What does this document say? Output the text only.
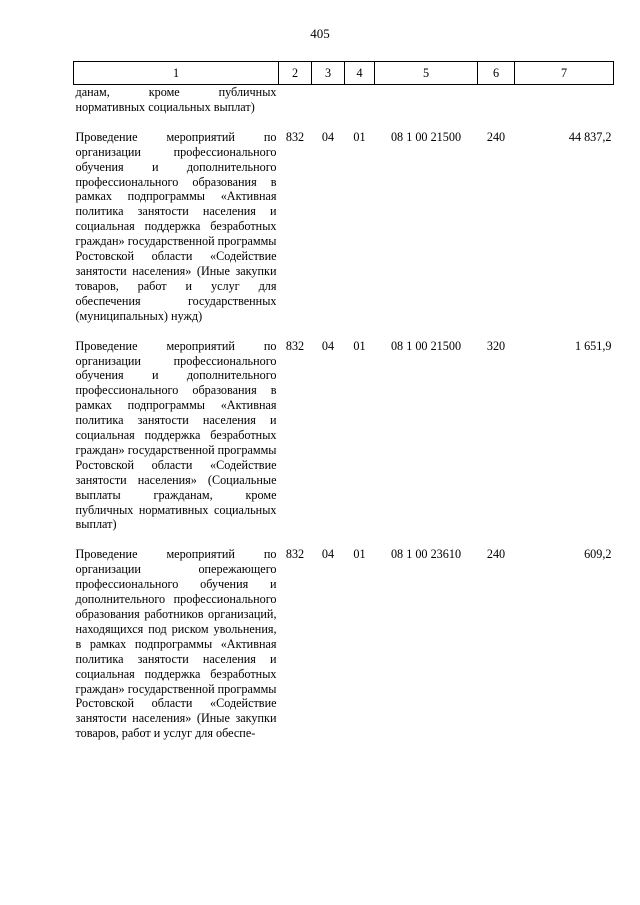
405
1	2	3	4	5	6	7
данам, кроме публичных нормативных социальных выплат)						

Проведение мероприятий по организации профессионального обучения и дополнительного профессионального образования в рамках подпрограммы «Активная политика занятости населения и социальная поддержка безработных граждан» государственной программы Ростовской области «Содействие занятости населения» (Иные закупки товаров, работ и услуг для обеспечения государственных (муниципальных) нужд)	832	04	01	08 1 00 21500	240	44 837,2

Проведение мероприятий по организации профессионального обучения и дополнительного профессионального образования в рамках подпрограммы «Активная политика занятости населения и социальная поддержка безработных граждан» государственной программы Ростовской области «Содействие занятости населения» (Социальные выплаты гражданам, кроме публичных нормативных социальных выплат)	832	04	01	08 1 00 21500	320	1 651,9

Проведение мероприятий по организации опережающего профессионального обучения и дополнительного профессионального образования работников организаций, находящихся под риском увольнения, в рамках подпрограммы «Активная политика занятости населения и социальная поддержка безработных граждан» государственной программы Ростовской области «Содействие занятости населения» (Иные закупки товаров, работ и услуг для обеспе-	832	04	01	08 1 00 23610	240	609,2
